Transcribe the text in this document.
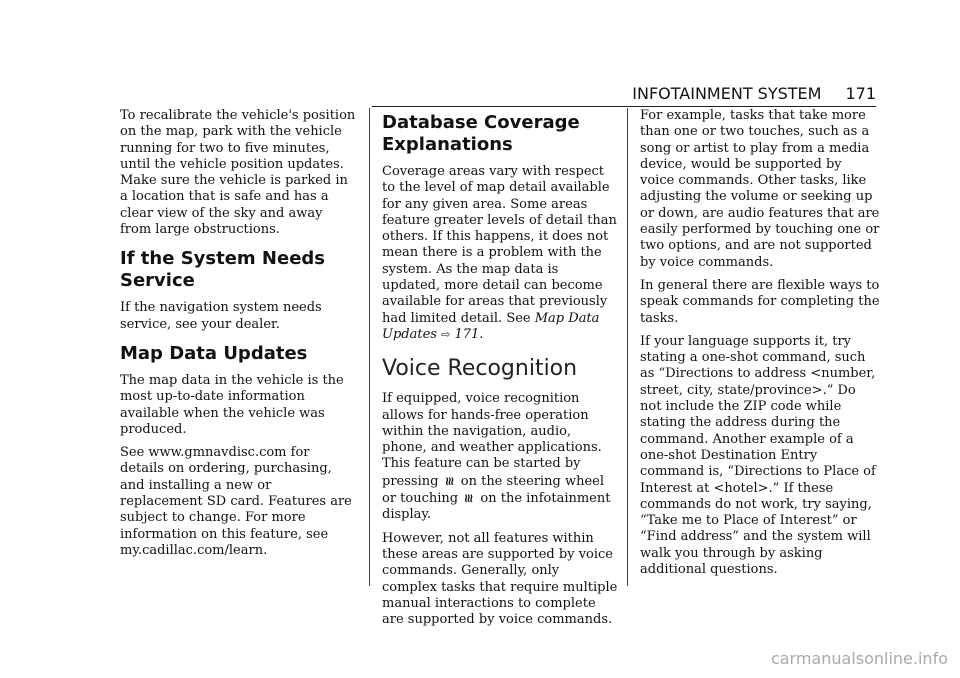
INFOTAINMENT SYSTEM 171

To recalibrate the vehicle's position on the map, park with the vehicle running for two to five minutes, until the vehicle position updates. Make sure the vehicle is parked in a location that is safe and has a clear view of the sky and away from large obstructions.

If the System Needs Service

If the navigation system needs service, see your dealer.

Map Data Updates

The map data in the vehicle is the most up-to-date information available when the vehicle was produced.

See www.gmnavdisc.com for details on ordering, purchasing, and installing a new or replacement SD card. Features are subject to change. For more information on this feature, see my.cadillac.com/learn.

Database Coverage Explanations

Coverage areas vary with respect to the level of map detail available for any given area. Some areas feature greater levels of detail than others. If this happens, it does not mean there is a problem with the system. As the map data is updated, more detail can become available for areas that previously had limited detail. See Map Data Updates ⇨ 171.

Voice Recognition

If equipped, voice recognition allows for hands-free operation within the navigation, audio, phone, and weather applications. This feature can be started by pressing ≋ on the steering wheel or touching ≋ on the infotainment display.

However, not all features within these areas are supported by voice commands. Generally, only complex tasks that require multiple manual interactions to complete are supported by voice commands.

For example, tasks that take more than one or two touches, such as a song or artist to play from a media device, would be supported by voice commands. Other tasks, like adjusting the volume or seeking up or down, are audio features that are easily performed by touching one or two options, and are not supported by voice commands.

In general there are flexible ways to speak commands for completing the tasks.

If your language supports it, try stating a one-shot command, such as “Directions to address <number, street, city, state/province>.” Do not include the ZIP code while stating the address during the command. Another example of a one-shot Destination Entry command is, “Directions to Place of Interest at <hotel>.” If these commands do not work, try saying, “Take me to Place of Interest” or “Find address” and the system will walk you through by asking additional questions.

carmanualsonline.info
